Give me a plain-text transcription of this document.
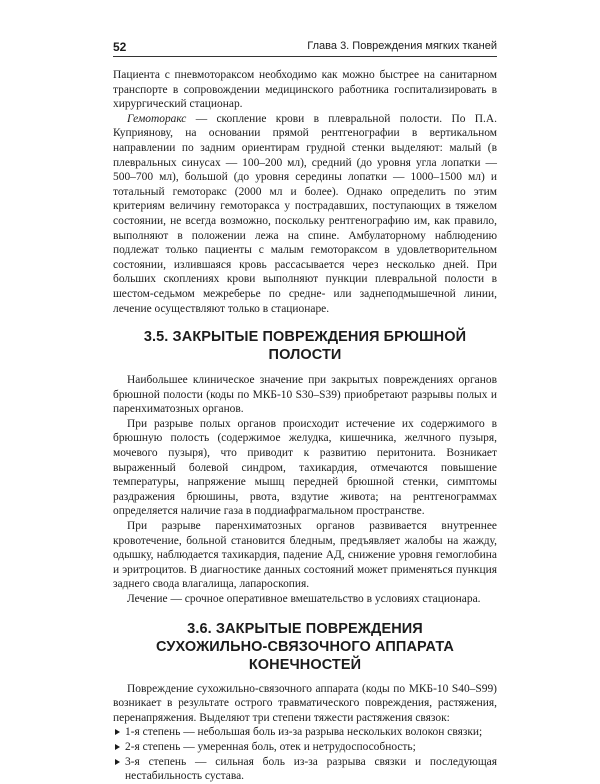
52	Глава 3. Повреждения мягких тканей

Пациента с пневмотораксом необходимо как можно быстрее на санитарном транспорте в сопровождении медицинского работника госпитализировать в хирургический стационар.

Гемоторакс — скопление крови в плевральной полости. По П.А. Куприянову, на основании прямой рентгенографии в вертикальном направлении по задним ориентирам грудной стенки выделяют: малый (в плевральных синусах — 100–200 мл), средний (до уровня угла лопатки — 500–700 мл), большой (до уровня середины лопатки — 1000–1500 мл) и тотальный гемоторакс (2000 мл и более). Однако определить по этим критериям величину гемоторакса у пострадавших, поступающих в тяжелом состоянии, не всегда возможно, поскольку рентгенографию им, как правило, выполняют в положении лежа на спине. Амбулаторному наблюдению подлежат только пациенты с малым гемотораксом в удовлетворительном состоянии, излившаяся кровь рассасывается через несколько дней. При больших скоплениях крови выполняют пункции плевральной полости в шестом-седьмом межреберье по средне- или заднеподмышечной линии, лечение осуществляют только в стационаре.

3.5. ЗАКРЫТЫЕ ПОВРЕЖДЕНИЯ БРЮШНОЙ ПОЛОСТИ

Наибольшее клиническое значение при закрытых повреждениях органов брюшной полости (коды по МКБ-10 S30–S39) приобретают разрывы полых и паренхиматозных органов.

При разрыве полых органов происходит истечение их содержимого в брюшную полость (содержимое желудка, кишечника, желчного пузыря, мочевого пузыря), что приводит к развитию перитонита. Возникает выраженный болевой синдром, тахикардия, отмечаются повышение температуры, напряжение мышц передней брюшной стенки, симптомы раздражения брюшины, рвота, вздутие живота; на рентгенограммах определяется наличие газа в поддиафрагмальном пространстве.

При разрыве паренхиматозных органов развивается внутреннее кровотечение, больной становится бледным, предъявляет жалобы на жажду, одышку, наблюдается тахикардия, падение АД, снижение уровня гемоглобина и эритроцитов. В диагностике данных состояний может применяться пункция заднего свода влагалища, лапароскопия.

Лечение — срочное оперативное вмешательство в условиях стационара.

3.6. ЗАКРЫТЫЕ ПОВРЕЖДЕНИЯ
СУХОЖИЛЬНО-СВЯЗОЧНОГО АППАРАТА КОНЕЧНОСТЕЙ

Повреждение сухожильно-связочного аппарата (коды по МКБ-10 S40–S99) возникает в результате острого травматического повреждения, растяжения, перенапряжения. Выделяют три степени тяжести растяжения связок:

1-я степень — небольшая боль из-за разрыва нескольких волокон связки;
2-я степень — умеренная боль, отек и нетрудоспособность;
3-я степень — сильная боль из-за разрыва связки и последующая нестабильность сустава.
